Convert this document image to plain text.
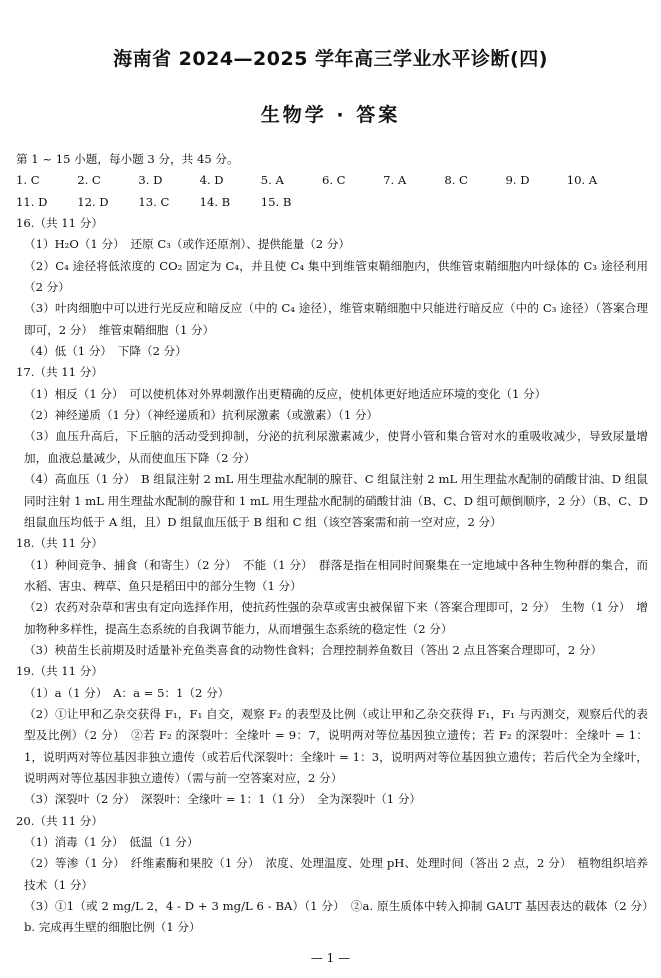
海南省 2024—2025 学年高三学业水平诊断(四)
生物学 · 答案
第 1 ~ 15 小题，每小题 3 分，共 45 分。
1. C	2. C	3. D	4. D	5. A	6. C	7. A	8. C	9. D	10. A
11. D	12. D	13. C	14. B	15. B
16.（共 11 分）
（1）H₂O（1 分）　还原 C₃（或作还原剂）、提供能量（2 分）
（2）C₄ 途径将低浓度的 CO₂ 固定为 C₄，并且使 C₄ 集中到维管束鞘细胞内，供维管束鞘细胞内叶绿体的 C₃ 途径利用（2 分）
（3）叶肉细胞中可以进行光反应和暗反应（中的 C₄ 途径），维管束鞘细胞中只能进行暗反应（中的 C₃ 途径）（答案合理即可，2 分）　维管束鞘细胞（1 分）
（4）低（1 分）　下降（2 分）
17.（共 11 分）
（1）相反（1 分）　可以使机体对外界刺激作出更精确的反应，使机体更好地适应环境的变化（1 分）
（2）神经递质（1 分）（神经递质和）抗利尿激素（或激素）（1 分）
（3）血压升高后，下丘脑的活动受到抑制，分泌的抗利尿激素减少，使肾小管和集合管对水的重吸收减少，导致尿量增加，血液总量减少，从而使血压下降（2 分）
（4）高血压（1 分）　B 组鼠注射 2 mL 用生理盐水配制的腺苷、C 组鼠注射 2 mL 用生理盐水配制的硝酸甘油、D 组鼠同时注射 1 mL 用生理盐水配制的腺苷和 1 mL 用生理盐水配制的硝酸甘油（B、C、D 组可颠倒顺序，2 分）（B、C、D 组鼠血压均低于 A 组，且）D 组鼠血压低于 B 组和 C 组（该空答案需和前一空对应，2 分）
18.（共 11 分）
（1）种间竞争、捕食（和寄生）（2 分）　不能（1 分）　群落是指在相同时间聚集在一定地域中各种生物种群的集合，而水稻、害虫、稗草、鱼只是稻田中的部分生物（1 分）
（2）农药对杂草和害虫有定向选择作用，使抗药性强的杂草或害虫被保留下来（答案合理即可，2 分）　生物（1 分）　增加物种多样性，提高生态系统的自我调节能力，从而增强生态系统的稳定性（2 分）
（3）秧苗生长前期及时适量补充鱼类喜食的动物性食料；合理控制养鱼数目（答出 2 点且答案合理即可，2 分）
19.（共 11 分）
（1）a（1 分）　A：a = 5：1（2 分）
（2）①让甲和乙杂交获得 F₁，F₁ 自交，观察 F₂ 的表型及比例（或让甲和乙杂交获得 F₁，F₁ 与丙测交，观察后代的表型及比例）（2 分）　②若 F₂ 的深裂叶：全缘叶 = 9：7，说明两对等位基因独立遗传；若 F₂ 的深裂叶：全缘叶 = 1：1，说明两对等位基因非独立遗传（或若后代深裂叶：全缘叶 = 1：3，说明两对等位基因独立遗传；若后代全为全缘叶，说明两对等位基因非独立遗传）（需与前一空答案对应，2 分）
（3）深裂叶（2 分）　深裂叶：全缘叶 = 1：1（1 分）　全为深裂叶（1 分）
20.（共 11 分）
（1）消毒（1 分）　低温（1 分）
（2）等渗（1 分）　纤维素酶和果胶（1 分）　浓度、处理温度、处理 pH、处理时间（答出 2 点，2 分）　植物组织培养技术（1 分）
（3）①1（或 2 mg/L 2，4 - D + 3 mg/L 6 - BA）（1 分）　②a. 原生质体中转入抑制 GAUT 基因表达的载体（2 分）　b. 完成再生壁的细胞比例（1 分）
— 1 —
